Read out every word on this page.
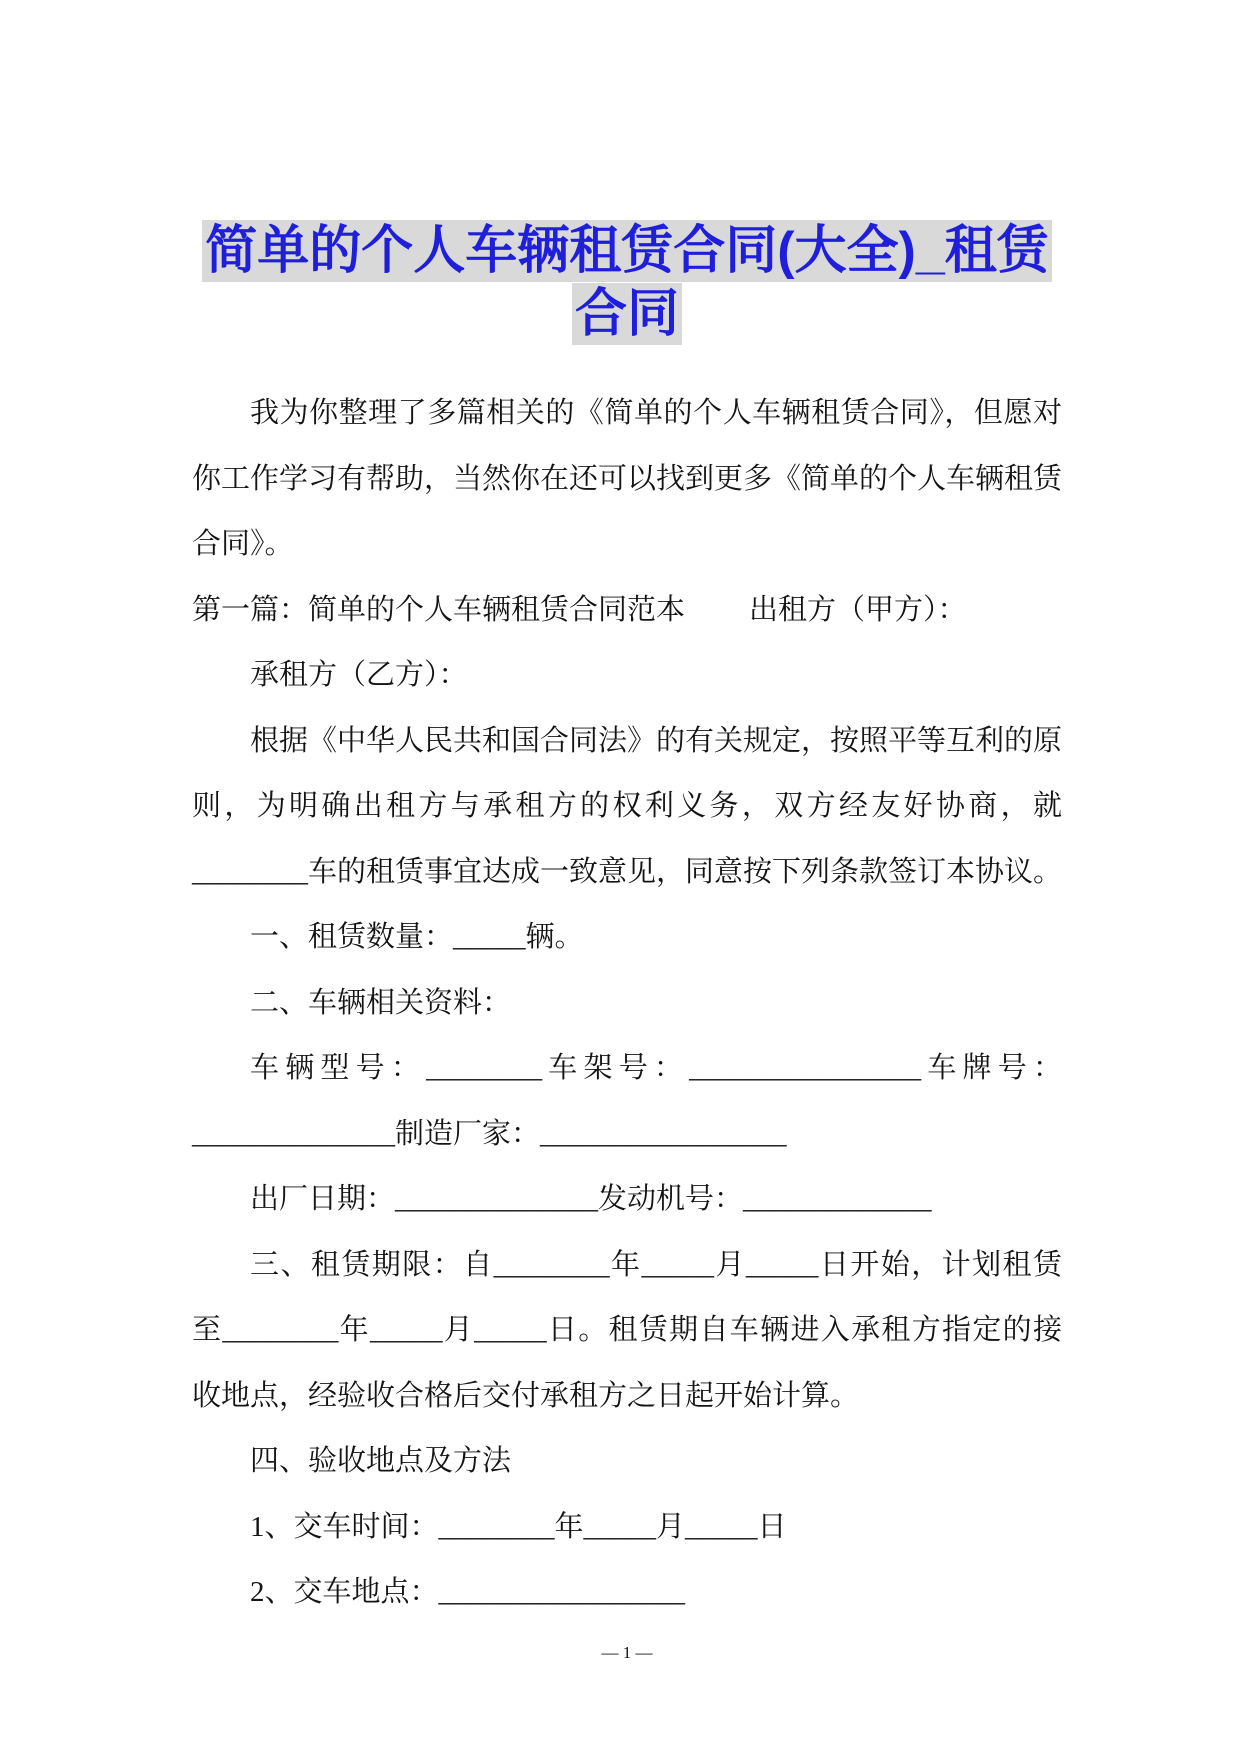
简单的个人车辆租赁合同(大全)_租赁
合同
我为你整理了多篇相关的《简单的个人车辆租赁合同》，但愿对
你工作学习有帮助，当然你在还可以找到更多《简单的个人车辆租赁
合同》。
第一篇：简单的个人车辆租赁合同范本 出租方（甲方）：
承租方（乙方）：
根据《中华人民共和国合同法》的有关规定，按照平等互利的原
则，为明确出租方与承租方的权利义务，双方经友好协商，就
________车的租赁事宜达成一致意见，同意按下列条款签订本协议。
一、租赁数量：_____辆。
二、车辆相关资料：
车辆型号：________车架号：________________车牌号：
______________制造厂家：_________________
出厂日期：______________发动机号：_____________
三、租赁期限：自________年_____月_____日开始，计划租赁
至________年_____月_____日。租赁期自车辆进入承租方指定的接
收地点，经验收合格后交付承租方之日起开始计算。
四、验收地点及方法
1、交车时间：________年_____月_____日
2、交车地点：_________________
— 1 —
